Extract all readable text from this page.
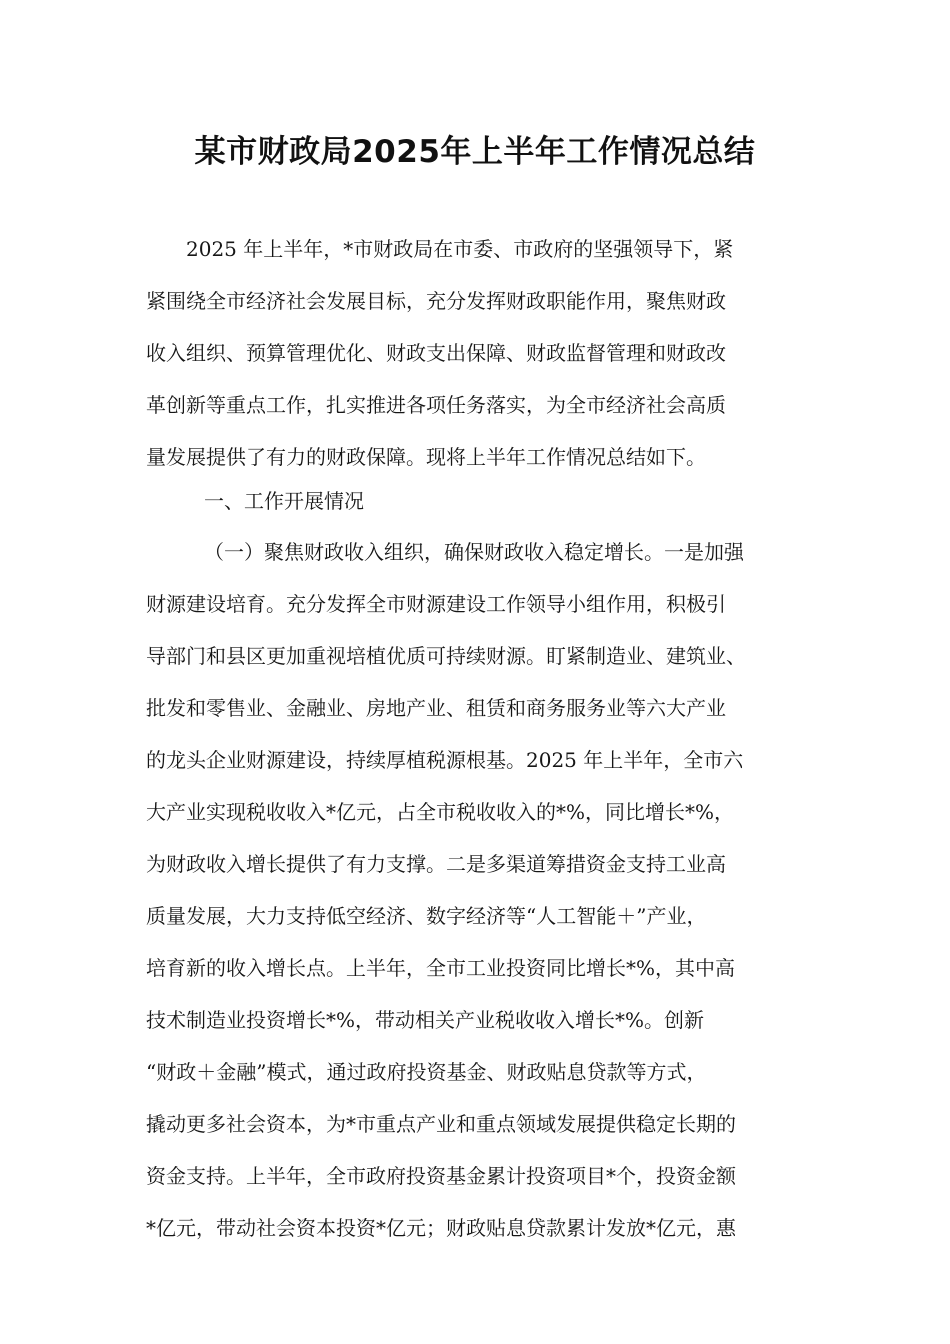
某市财政局2025年上半年工作情况总结
2025 年上半年，*市财政局在市委、市政府的坚强领导下，紧
紧围绕全市经济社会发展目标，充分发挥财政职能作用，聚焦财政
收入组织、预算管理优化、财政支出保障、财政监督管理和财政改
革创新等重点工作，扎实推进各项任务落实，为全市经济社会高质
量发展提供了有力的财政保障。现将上半年工作情况总结如下。
一、工作开展情况
（一）聚焦财政收入组织，确保财政收入稳定增长。一是加强
财源建设培育。充分发挥全市财源建设工作领导小组作用，积极引
导部门和县区更加重视培植优质可持续财源。盯紧制造业、建筑业、
批发和零售业、金融业、房地产业、租赁和商务服务业等六大产业
的龙头企业财源建设，持续厚植税源根基。2025 年上半年，全市六
大产业实现税收收入*亿元，占全市税收收入的*%，同比增长*%，
为财政收入增长提供了有力支撑。二是多渠道筹措资金支持工业高
质量发展，大力支持低空经济、数字经济等“人工智能＋”产业，
培育新的收入增长点。上半年，全市工业投资同比增长*%，其中高
技术制造业投资增长*%，带动相关产业税收收入增长*%。创新
“财政＋金融”模式，通过政府投资基金、财政贴息贷款等方式，
撬动更多社会资本，为*市重点产业和重点领域发展提供稳定长期的
资金支持。上半年，全市政府投资基金累计投资项目*个，投资金额
*亿元，带动社会资本投资*亿元；财政贴息贷款累计发放*亿元，惠
